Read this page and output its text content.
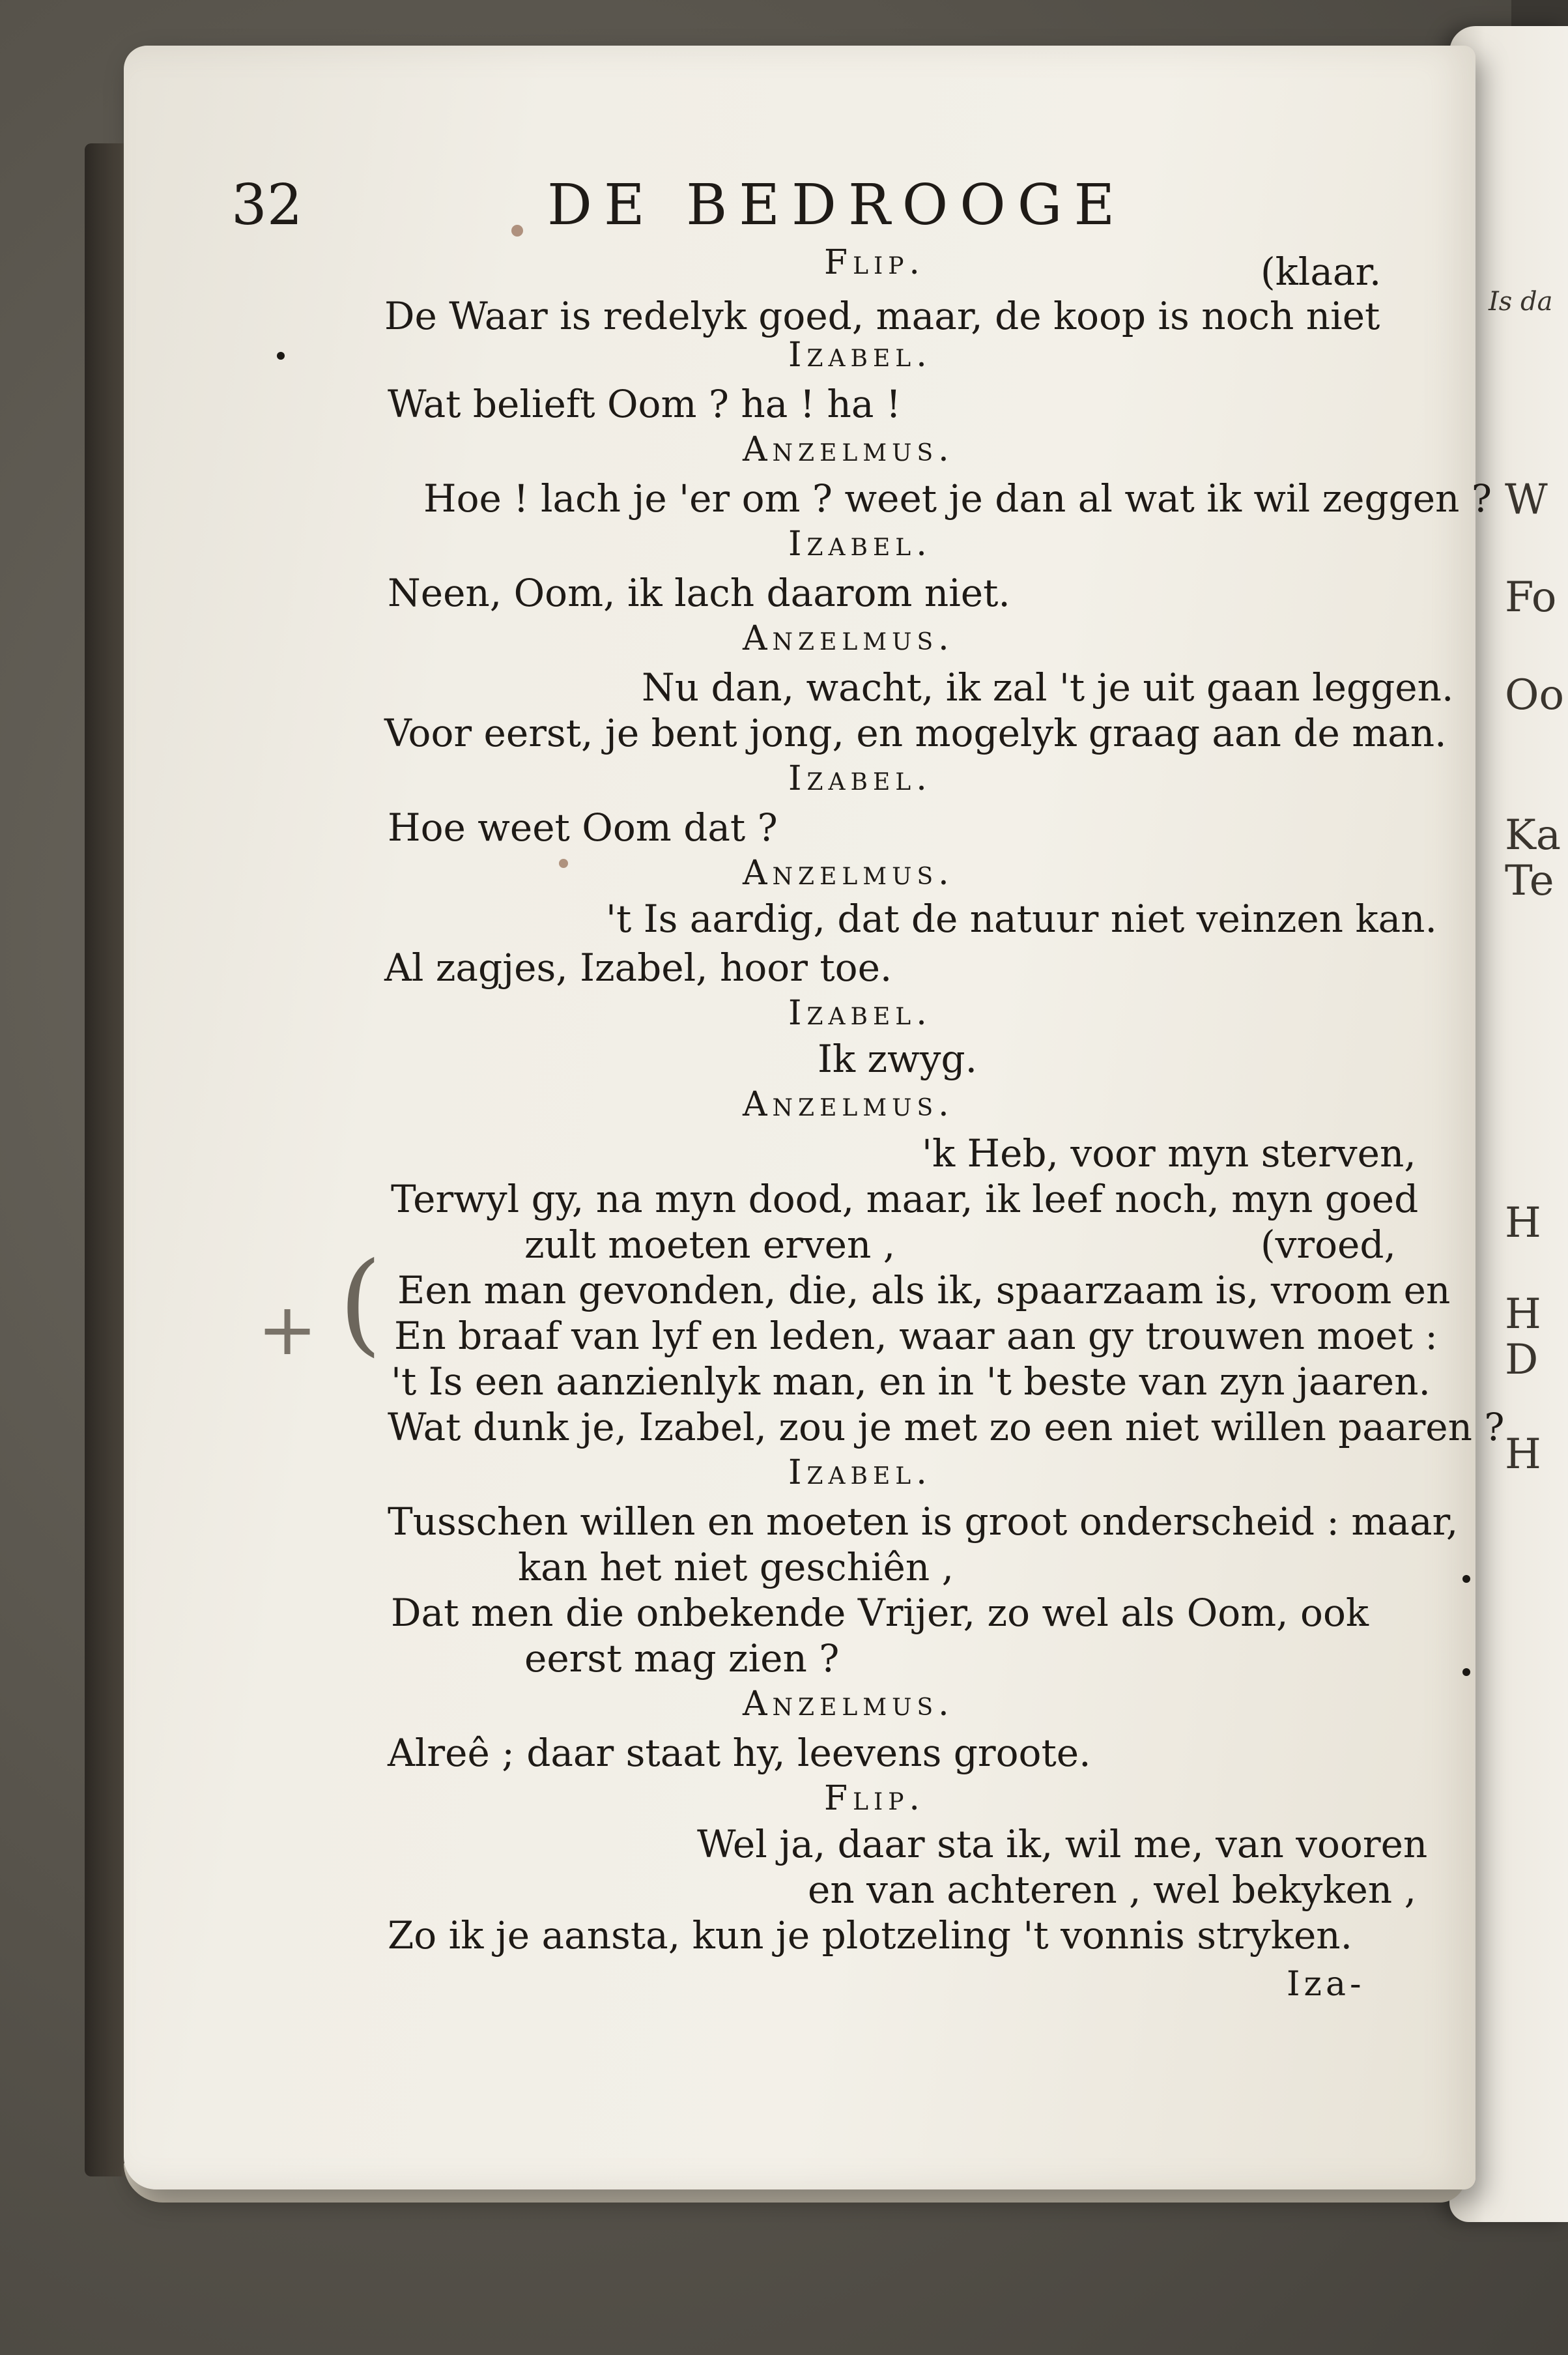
Is da
W
Fo
Oo
Ka
Te
H
H
D
H
32	DE BEDROOGE
+ (
Flip.	(klaar.
De Waar is redelyk goed, maar, de koop is noch niet
Izabel.
Wat belieft Oom ? ha ! ha !
Anzelmus.
Hoe ! lach je 'er om ? weet je dan al wat ik wil zeggen ?
Izabel.
Neen, Oom, ik lach daarom niet.
Anzelmus.
Nu dan, wacht, ik zal 't je uit gaan leggen.
Voor eerst, je bent jong, en mogelyk graag aan de man.
Izabel.
Hoe weet Oom dat ?
Anzelmus.
't Is aardig, dat de natuur niet veinzen kan.
Al zagjes, Izabel, hoor toe.
Izabel.
Ik zwyg.
Anzelmus.
'k Heb, voor myn sterven,
Terwyl gy, na myn dood, maar, ik leef noch, myn goed
zult moeten erven ,	(vroed,
Een man gevonden, die, als ik, spaarzaam is, vroom en
En braaf van lyf en leden, waar aan gy trouwen moet :
't Is een aanzienlyk man, en in 't beste van zyn jaaren.
Wat dunk je, Izabel, zou je met zo een niet willen paaren ?
Izabel.
Tusschen willen en moeten is groot onderscheid : maar,
kan het niet geschiên ,
Dat men die onbekende Vrijer, zo wel als Oom, ook
eerst mag zien ?
Anzelmus.
Alreê ; daar staat hy, leevens groote.
Flip.
Wel ja, daar sta ik, wil me, van vooren
en van achteren , wel bekyken ,
Zo ik je aansta, kun je plotzeling 't vonnis stryken.
Iza-
